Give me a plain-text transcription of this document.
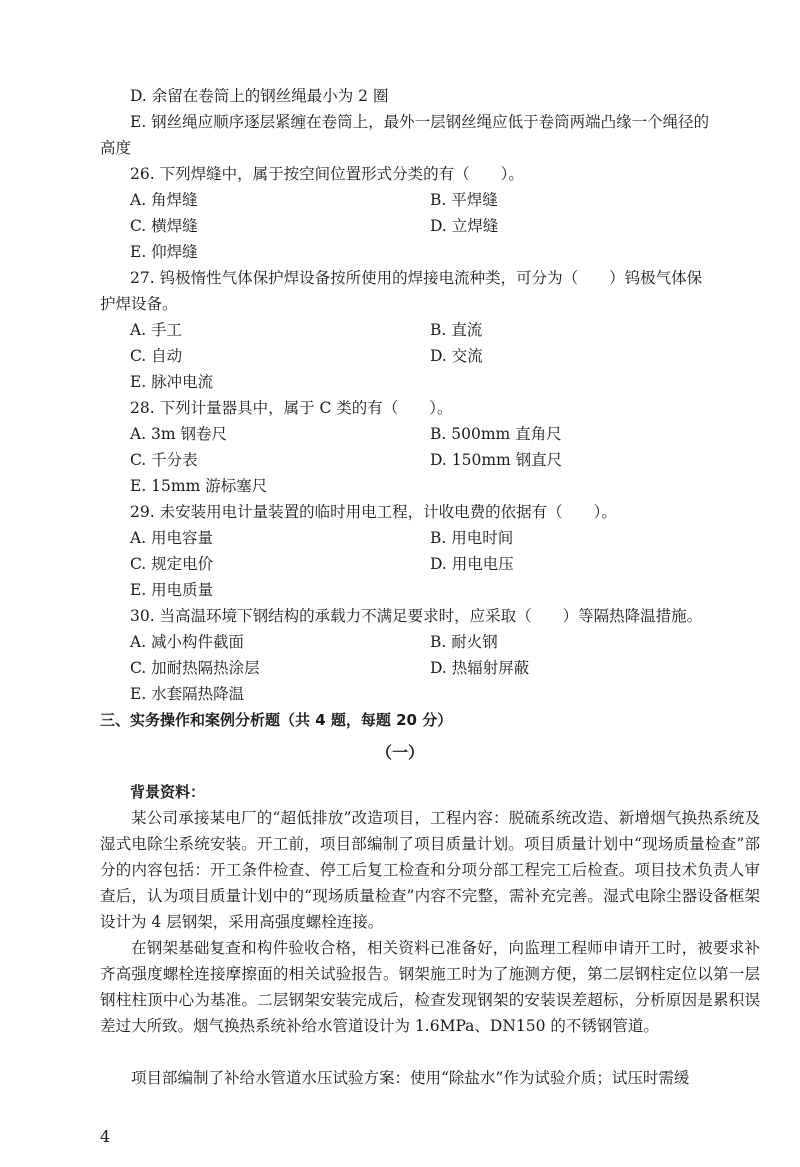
D. 余留在卷筒上的钢丝绳最小为 2 圈
E. 钢丝绳应顺序逐层紧缠在卷筒上，最外一层钢丝绳应低于卷筒两端凸缘一个绳径的
高度
26. 下列焊缝中，属于按空间位置形式分类的有（　　）。
A. 角焊缝	B. 平焊缝
C. 横焊缝	D. 立焊缝
E. 仰焊缝
27. 钨极惰性气体保护焊设备按所使用的焊接电流种类，可分为（　　）钨极气体保
护焊设备。
A. 手工	B. 直流
C. 自动	D. 交流
E. 脉冲电流
28. 下列计量器具中，属于 C 类的有（　　）。
A. 3m 钢卷尺	B. 500mm 直角尺
C. 千分表	D. 150mm 钢直尺
E. 15mm 游标塞尺
29. 未安装用电计量装置的临时用电工程，计收电费的依据有（　　）。
A. 用电容量	B. 用电时间
C. 规定电价	D. 用电电压
E. 用电质量
30. 当高温环境下钢结构的承载力不满足要求时，应采取（　　）等隔热降温措施。
A. 减小构件截面	B. 耐火钢
C. 加耐热隔热涂层	D. 热辐射屏蔽
E. 水套隔热降温
三、实务操作和案例分析题（共 4 题，每题 20 分）
（一）
背景资料：
某公司承接某电厂的“超低排放”改造项目，工程内容：脱硫系统改造、新增烟气换热系统及湿式电除尘系统安装。开工前，项目部编制了项目质量计划。项目质量计划中“现场质量检查”部分的内容包括：开工条件检查、停工后复工检查和分项分部工程完工后检查。项目技术负责人审查后，认为项目质量计划中的“现场质量检查”内容不完整，需补充完善。湿式电除尘器设备框架设计为 4 层钢架，采用高强度螺栓连接。
在钢架基础复查和构件验收合格，相关资料已准备好，向监理工程师申请开工时，被要求补齐高强度螺栓连接摩擦面的相关试验报告。钢架施工时为了施测方便，第二层钢柱定位以第一层钢柱柱顶中心为基准。二层钢架安装完成后，检查发现钢架的安装误差超标，分析原因是累积误差过大所致。烟气换热系统补给水管道设计为 1.6MPa、DN150 的不锈钢管道。
项目部编制了补给水管道水压试验方案：使用“除盐水”作为试验介质；试压时需缓
4
